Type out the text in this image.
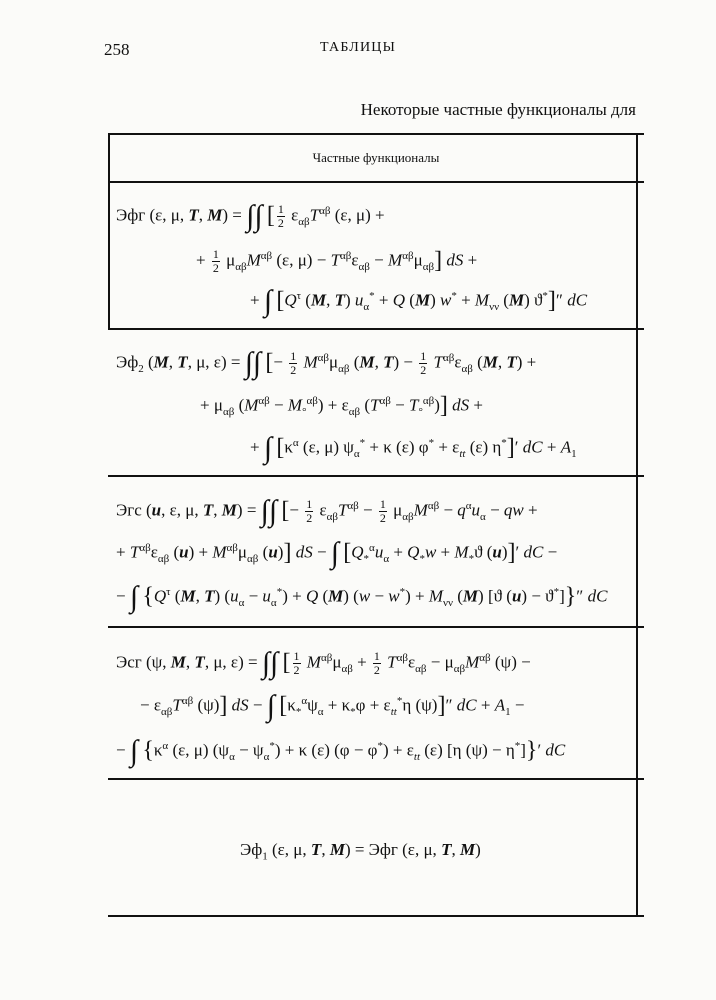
258	ТАБЛИЦЫ
Некоторые частные функционалы для
Частные функционалы
Эфг (ε, μ, T, M) = ∫∫ [ $\frac{1}{2} \varepsilon_{\alpha\beta}T^{\alpha\beta}$ (ε, μ) +
+ $\frac{1}{2} \mu_{\alpha\beta}M^{\alpha\beta}$ (ε, $\mu) - T^{\alpha\beta}\varepsilon_{\alpha\beta} - M^{\alpha\beta}\mu_{\alpha\beta}$] dS +
+ ∫ [$Q^\tau$ (M, T) $u_\alpha^* + Q$ (M) $w^* + M_{\nu\nu}$ (M) ϑ*]″ dC
$Эф_2$ (M, T, μ, ε) = ∫∫ [− $\frac{1}{2} M^{\alpha\beta}\mu_{\alpha\beta}$ (M, $T) - \frac{1}{2} T^{\alpha\beta}\varepsilon_{\alpha\beta}$ (M, T) +
+ $\mu_{\alpha\beta}$ $(M^{\alpha\beta} - M^\circ^{\alpha\beta}) + \varepsilon_{\alpha\beta}$ $(T^{\alpha\beta} - T^\circ^{\alpha\beta})$] dS +
+ ∫ [$\kappa^\alpha$ (ε, μ) $\psi_\alpha^* + \kappa$ (ε) $\varphi^* + \varepsilon_{tt}$ (ε) η*]′ dC + $A_1$
Эгс (u, ε, μ, T, M) = ∫∫ [− $\frac{1}{2} \varepsilon_{\alpha\beta}T^{\alpha\beta} - \frac{1}{2} \mu_{\alpha\beta}M^{\alpha\beta} - q^\alpha u_\alpha$ − qw +
+ $T^{\alpha\beta}\varepsilon_{\alpha\beta}$ $(u) + M^{\alpha\beta}\mu_{\alpha\beta}$ (u)] dS − ∫ [$Q_*^\alpha u_\alpha + Q_*w + M_*ϑ$ (u)]′ dC −
− ∫ {$Q^\tau$ (M, T) $(u_\alpha - u_\alpha^*) + Q$ (M) $(w - w^*) + M_{\nu\nu}$ (M) [ϑ (u) − ϑ*]}″ dC
Эсг (ψ, M, T, μ, ε) = ∫∫ [ $\frac{1}{2} M^{\alpha\beta}\mu_{\alpha\beta} + \frac{1}{2} T^{\alpha\beta}\varepsilon_{\alpha\beta} - \mu_{\alpha\beta}M^{\alpha\beta}$ (ψ) −
− $\varepsilon_{\alpha\beta}T^{\alpha\beta}$ (ψ)] dS − ∫ [$\kappa_*^\alpha\psi_\alpha + \kappa_*\varphi + \varepsilon_{tt}^*\eta$ (ψ)]″ dC + $A_1$ −
− ∫ {$\kappa^\alpha$ (ε, μ) $(\psi_\alpha - \psi_\alpha^*) + \kappa$ (ε) $(\varphi - \varphi^*) + \varepsilon_{tt}$ (ε) [η (ψ) − η*]}′ dC
$Эф_1$ (ε, μ, T, M) = Эфг (ε, μ, T, M)
